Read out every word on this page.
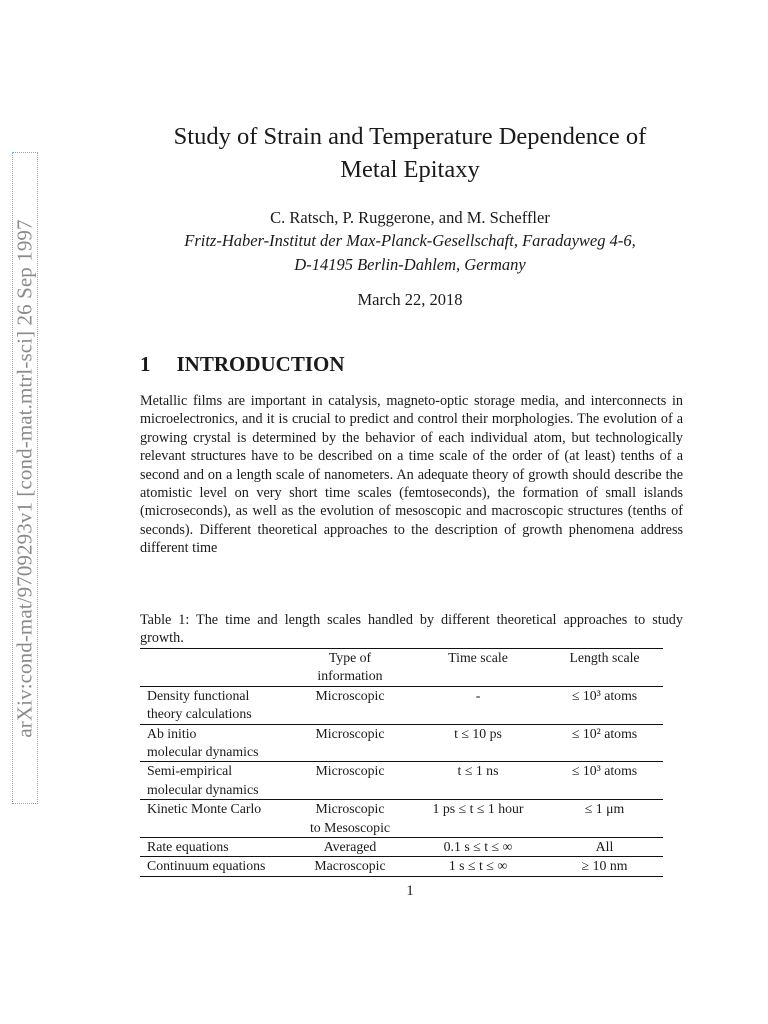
arXiv:cond-mat/9709293v1 [cond-mat.mtrl-sci] 26 Sep 1997
Study of Strain and Temperature Dependence of
Metal Epitaxy
C. Ratsch, P. Ruggerone, and M. Scheffler
Fritz-Haber-Institut der Max-Planck-Gesellschaft, Faradayweg 4-6,
D-14195 Berlin-Dahlem, Germany
March 22, 2018
1 INTRODUCTION
Metallic films are important in catalysis, magneto-optic storage media, and interconnects in microelectronics, and it is crucial to predict and control their morphologies. The evolution of a growing crystal is determined by the behavior of each individual atom, but technologically relevant structures have to be described on a time scale of the order of (at least) tenths of a second and on a length scale of nanometers. An adequate theory of growth should describe the atomistic level on very short time scales (femtoseconds), the formation of small islands (microseconds), as well as the evolution of mesoscopic and macroscopic structures (tenths of seconds). Different theoretical approaches to the description of growth phenomena address different time
Table 1: The time and length scales handled by different theoretical approaches to study growth.
	Type of information	Time scale	Length scale

Density functional
theory calculations	Microscopic	-	≤ 10³ atoms

Ab initio
molecular dynamics	Microscopic	t ≤ 10 ps	≤ 10² atoms

Semi-empirical
molecular dynamics	Microscopic	t ≤ 1 ns	≤ 10³ atoms

Kinetic Monte Carlo	Microscopic
to Mesoscopic	1 ps ≤ t ≤ 1 hour	≤ 1 μm

Rate equations	Averaged	0.1 s ≤ t ≤ ∞	All

Continuum equations	Macroscopic	1 s ≤ t ≤ ∞	≥ 10 nm
1
